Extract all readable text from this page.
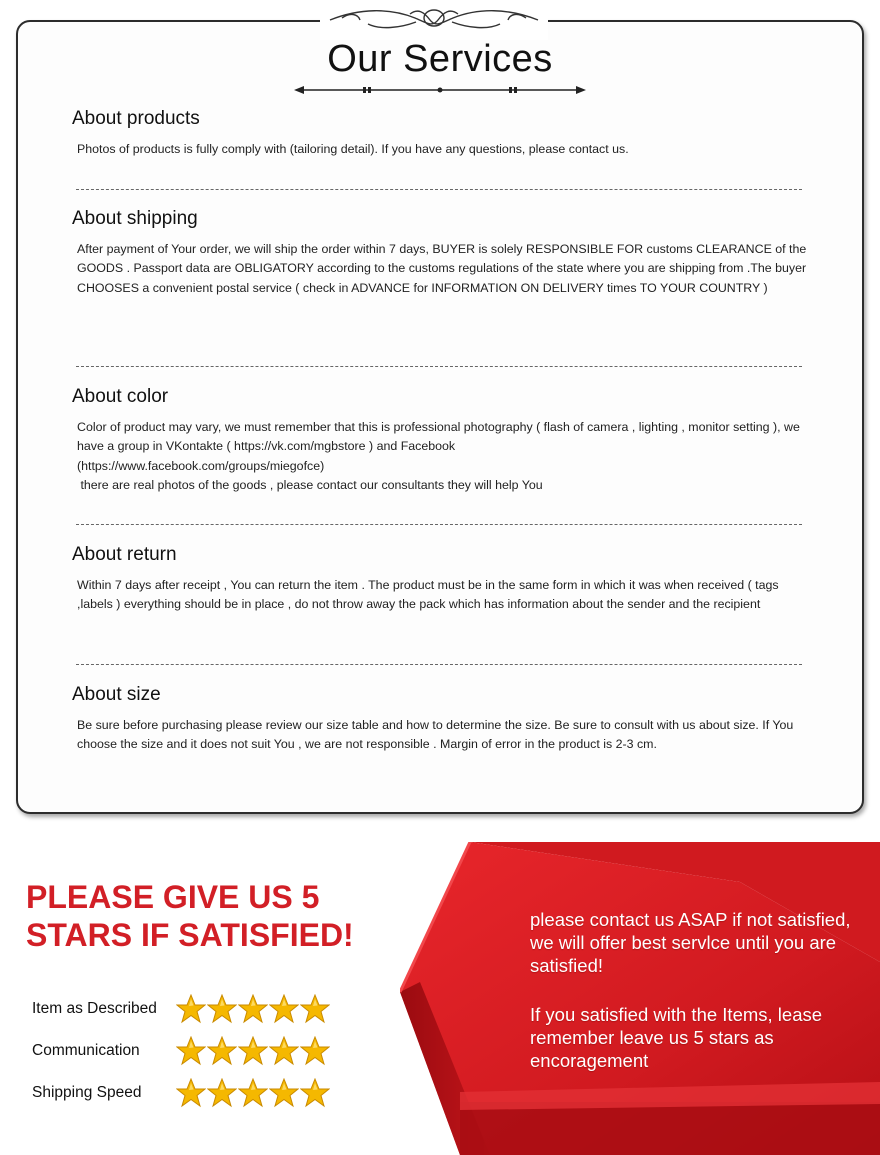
Our Services
About products

Photos of products is fully comply with (tailoring detail). If you have any questions, please contact us.

About shipping

After payment of Your order, we will ship the order within 7 days, BUYER is solely RESPONSIBLE FOR customs CLEARANCE of the GOODS . Passport data are OBLIGATORY according to the customs regulations of the state where you are shipping from .The buyer CHOOSES a convenient postal service ( check in ADVANCE for INFORMATION ON DELIVERY times TO YOUR COUNTRY )

About color

Color of product may vary, we must remember that this is professional photography ( flash of camera , lighting , monitor setting ), we have a group in VKontakte ( https://vk.com/mgbstore ) and Facebook
(https://www.facebook.com/groups/miegofce)
there are real photos of the goods , please contact our consultants they will help You

About return

Within 7 days after receipt , You can return the item . The product must be in the same form in which it was when received ( tags ,labels ) everything should be in place , do not throw away the pack which has information about the sender and the recipient

About size

Be sure before purchasing please review our size table and how to determine the size. Be sure to consult with us about size. If You choose the size and it does not suit You , we are not responsible . Margin of error in the product is 2-3 cm.

PLEASE GIVE US 5
STARS IF SATISFIED!
Item as Described
Communication
Shipping Speed
please contact us ASAP if not satisfied, we will offer best servlce until you are satisfied!
If you satisfied with the Items, lease remember leave us 5 stars as encoragement
